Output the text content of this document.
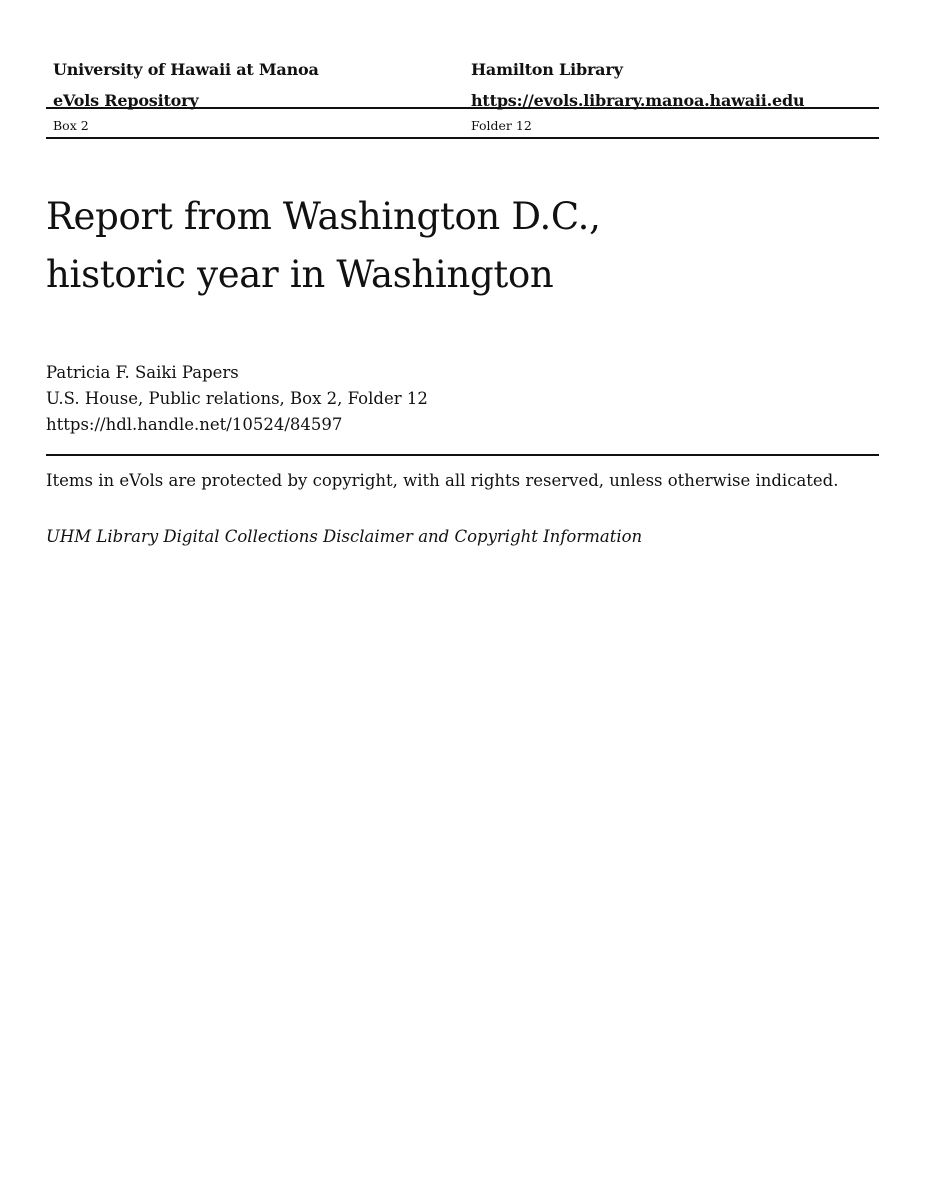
University of Hawaii at Manoa
eVols Repository
Hamilton Library
https://evols.library.manoa.hawaii.edu
Box 2	Folder 12
Report from Washington D.C.,
historic year in Washington
Patricia F. Saiki Papers
U.S. House, Public relations, Box 2, Folder 12
https://hdl.handle.net/10524/84597
Items in eVols are protected by copyright, with all rights reserved, unless otherwise indicated.
UHM Library Digital Collections Disclaimer and Copyright Information
